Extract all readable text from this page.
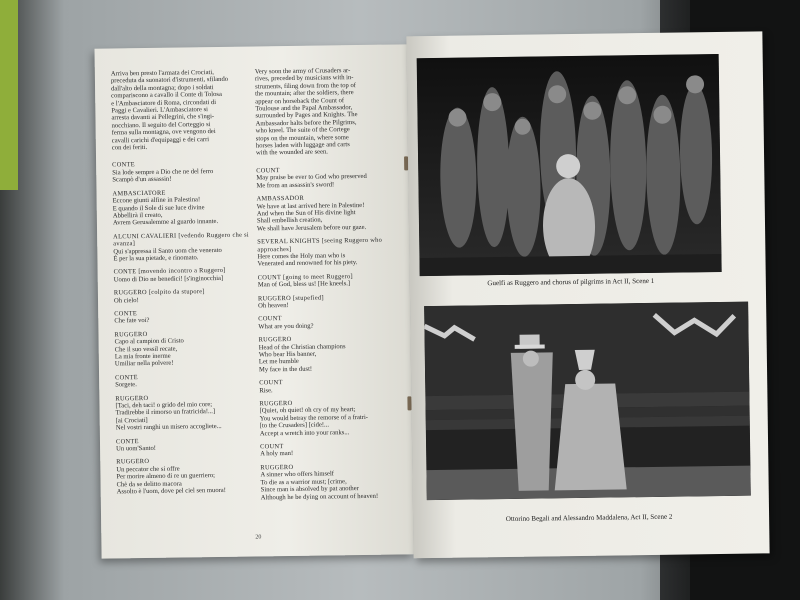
Arriva ben presto l'armata dei Crociati,
preceduta da suonatori d'istrumenti, sfilando
dall'alto della montagna; dopo i soldati
compariscono a cavallo il Conte di Tolosa
e l'Ambasciatore di Roma, circondati di
Paggi e Cavalieri. L'Ambasciatore si
arresta davanti ai Pellegrini, che s'ingi-
nocchiano. Il seguito del Corteggio si
ferma sulla montagna, ove vengono dei
cavalli carichi d'equipaggi e dei carri
con dei feriti.

CONTE
Sia lode sempre a Dio che ne del ferro
Scampò d'un assassin!
AMBASCIATORE
Eccone giunti alfine in Palestina!
E quando il Sole di sue luce divine
Abbellirà il creato,
Avrem Gerusalemme al guardo innante.
ALCUNI CAVALIERI [vedendo Ruggero che si avanza]
Qui s'appressa il Santo uom che venerato
È per la sua pietade, e rinomato.
CONTE [movendo incontro a Ruggero]
Uomo di Dio ne benedici! [s'inginocchia]
RUGGERO [colpito da stupore]
Oh cielo!
CONTE
Che fate voi?
RUGGERO
Capo al campion di Cristo
Che il suo vessil recate,
La mia fronte inerme
Umiliar nella polvere!
CONTE
Sorgete.
RUGGERO
[Taci, deh taci! o grido del mio core;
Tradirebbe il rimorso un fratricida!...]
[ai Crociati]
Nel vostri ranghi un misero accogliete...
CONTE
Un uom'Santo!
RUGGERO
Un peccator che si offre
Per morire almeno di re un guerriero;
Chè da se delitto macora
Assolto è l'uom, dove pel ciel sen muora!

Very soon the army of Crusaders ar-
rives, preceded by musicians with in-
struments, filing down from the top of
the mountain; after the soldiers, there
appear on horseback the Count of
Toulouse and the Papal Ambassador,
surrounded by Pages and Knights. The
Ambassador halts before the Pilgrims,
who kneel. The suite of the Cortege
stops on the mountain, where some
horses laden with luggage and carts
with the wounded are seen.

COUNT
May praise be ever to God who preserved
Me from an assassin's sword!
AMBASSADOR
We have at last arrived here in Palestine!
And when the Sun of His divine light
Shall embellish creation,
We shall have Jerusalem before our gaze.
SEVERAL KNIGHTS [seeing Ruggero who approaches]
Here comes the Holy man who is
Venerated and renowned for his piety.
COUNT [going to meet Ruggero]
Man of God, bless us! [He kneels.]
RUGGERO [stupefied]
Oh heaven!
COUNT
What are you doing?
RUGGERO
Head of the Christian champions
Who bear His banner,
Let me humble
My face in the dust!
COUNT
Rise.
RUGGERO
[Quiet, oh quiet! oh cry of my heart;
You would betray the remorse of a fratri-
[to the Crusaders] [cide!...
Accept a wretch into your ranks...
COUNT
A holy man!
RUGGERO
A sinner who offers himself
To die as a warrior must; [crime,
Since man is absolved by pat another
Although he be dying on account of heaven!
20
Guelfi as Ruggero and chorus of pilgrims in Act II, Scene 1
Ottorino Begali and Alessandro Maddalena, Act II, Scene 2
